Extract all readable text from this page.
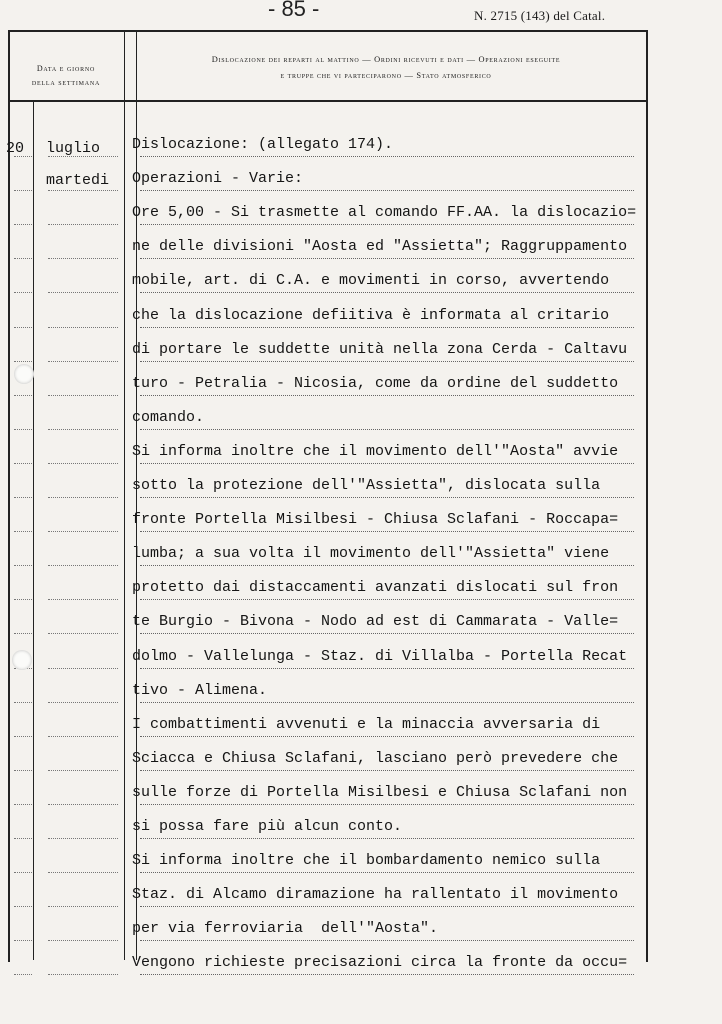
- 85 -	N. 2715 (143) del Catal.
Data e giorno
della settimana
Dislocazione dei reparti al mattino — Ordini ricevuti e dati — Operazioni eseguite
e truppe che vi parteciparono — Stato atmosferico
20 luglio
martedi
Dislocazione: (allegato 174).
Operazioni - Varie:
Ore 5,00 - Si trasmette al comando FF.AA. la dislocazio=
ne delle divisioni "Aosta ed "Assietta"; Raggruppamento
mobile, art. di C.A. e movimenti in corso, avvertendo
che la dislocazione defiitiva è informata al critario
di portare le suddette unità nella zona Cerda - Caltavu
turo - Petralia - Nicosia, come da ordine del suddetto
comando.
Si informa inoltre che il movimento dell'"Aosta" avvie
sotto la protezione dell'"Assietta", dislocata sulla
fronte Portella Misilbesi - Chiusa Sclafani - Roccapa=
lumba; a sua volta il movimento dell'"Assietta" viene
protetto dai distaccamenti avanzati dislocati sul fron
te Burgio - Bivona - Nodo ad est di Cammarata - Valle=
dolmo - Vallelunga - Staz. di Villalba - Portella Recat
tivo - Alimena.
I combattimenti avvenuti e la minaccia avversaria di
Sciacca e Chiusa Sclafani, lasciano però prevedere che
sulle forze di Portella Misilbesi e Chiusa Sclafani non
si possa fare più alcun conto.
Si informa inoltre che il bombardamento nemico sulla
Staz. di Alcamo diramazione ha rallentato il movimento
per via ferroviaria  dell'"Aosta".
Vengono richieste precisazioni circa la fronte da occu=
